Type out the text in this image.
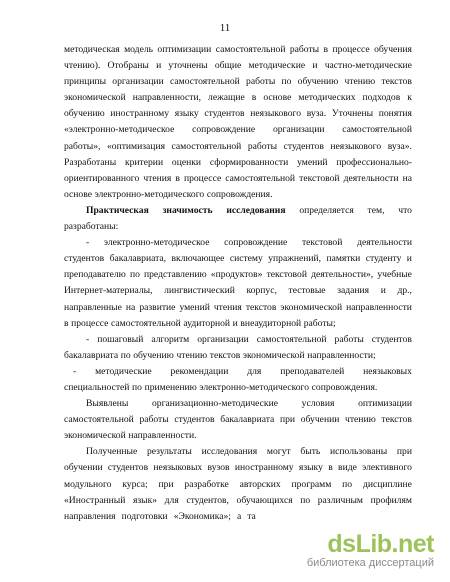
11
методическая модель оптимизации самостоятельной работы в процессе обучения
чтению). Отобраны и уточнены общие методические и частно-методические
принципы организации самостоятельной работы по обучению чтению текстов
экономической направленности, лежащие в основе методических подходов к
обучению иностранному языку студентов неязыкового вуза. Уточнены понятия
«электронно-методическое сопровождение организации самостоятельной
работы», «оптимизация самостоятельной работы студентов неязыкового вуза».
Разработаны критерии оценки сформированности умений профессионально-
ориентированного чтения в процессе самостоятельной текстовой деятельности на
основе электронно-методического сопровождения.
Практическая значимость исследования определяется тем, что
разработаны:
- электронно-методическое сопровождение текстовой деятельности
студентов бакалавриата, включающее систему упражнений, памятки студенту и
преподавателю по представлению «продуктов» текстовой деятельности», учебные
Интернет-материалы, лингвистический корпус, тестовые задания и др.,
направленные на развитие умений чтения текстов экономической направленности
в процессе самостоятельной аудиторной и внеаудиторной работы;
- пошаговый алгоритм организации самостоятельной работы студентов
бакалавриата по обучению чтению текстов экономической направленности;
- методические рекомендации для преподавателей неязыковых
специальностей по применению электронно-методического сопровождения.
Выявлены организационно-методические условия оптимизации
самостоятельной работы студентов бакалавриата при обучении чтению текстов
экономической направленности.
Полученные результаты исследования могут быть использованы при
обучении студентов неязыковых вузов иностранному языку в виде элективного
модульного курса; при разработке авторских программ по дисциплине
«Иностранный язык» для студентов, обучающихся по различным профилям
направления подготовки «Экономика»; а та
dsLib.net
библиотека диссертаций
